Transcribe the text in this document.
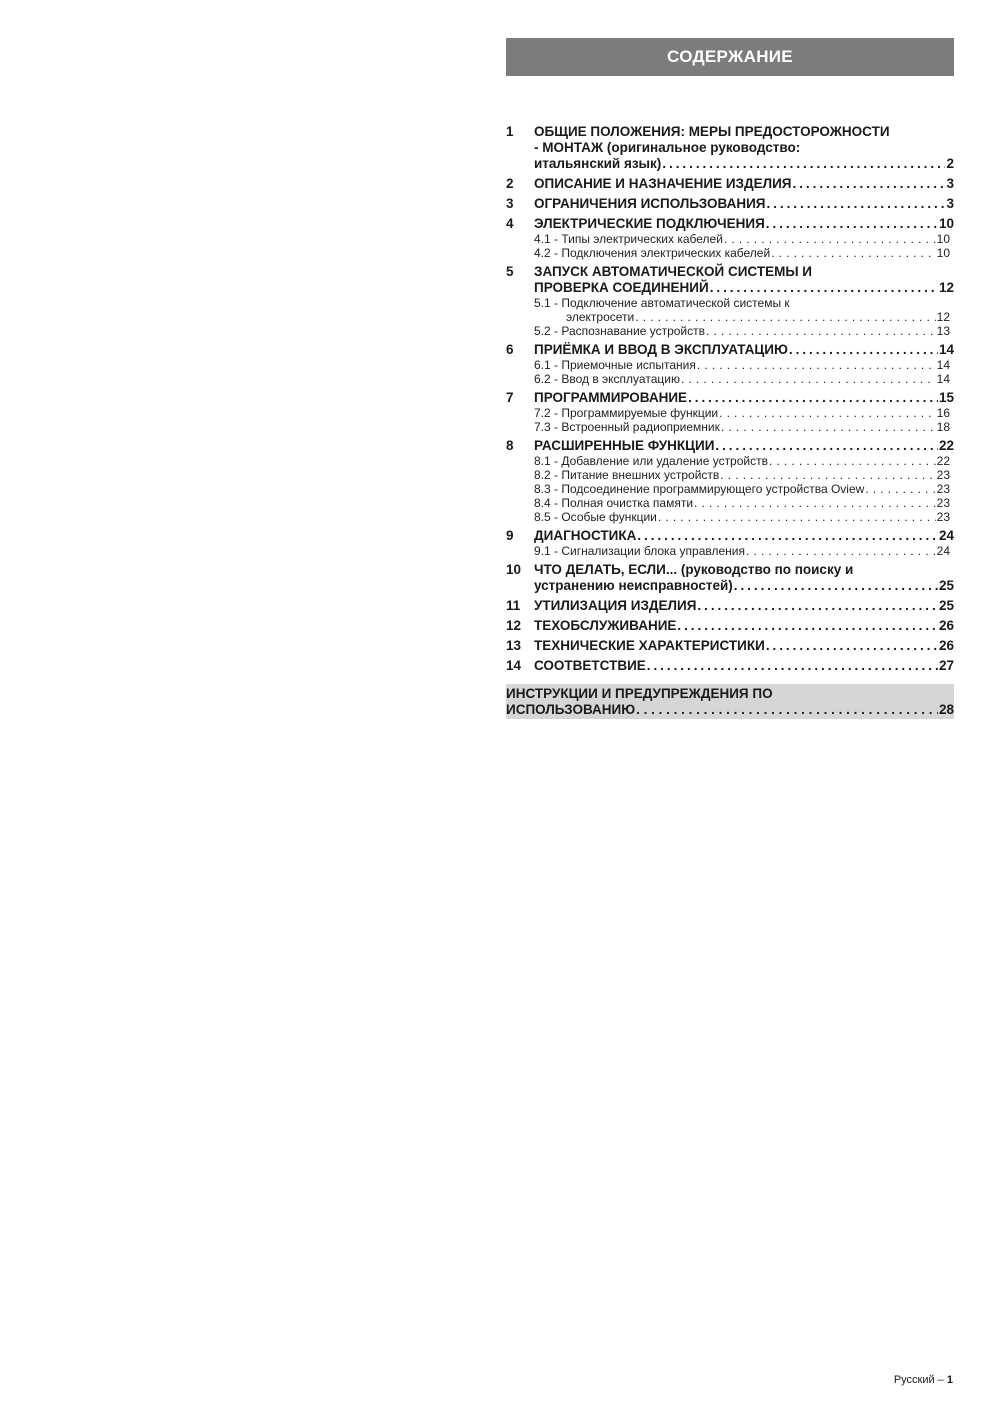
СОДЕРЖАНИЕ
1	ОБЩИЕ ПОЛОЖЕНИЯ: МЕРЫ ПРЕДОСТОРОЖНОСТИ
- МОНТАЖ (оригинальное руководство:
итальянский язык) . . .	2
2	ОПИСАНИЕ И НАЗНАЧЕНИЕ ИЗДЕЛИЯ . . .	3
3	ОГРАНИЧЕНИЯ ИСПОЛЬЗОВАНИЯ . . .	3
4	ЭЛЕКТРИЧЕСКИЕ ПОДКЛЮЧЕНИЯ . . .	10
4.1 - Типы электрических кабелей . . .	10
4.2 - Подключения электрических кабелей . . .	10
5	ЗАПУСК АВТОМАТИЧЕСКОЙ СИСТЕМЫ И
ПРОВЕРКА СОЕДИНЕНИЙ . . .	12
5.1 - Подключение автоматической системы к
электросети . . .	12
5.2 - Распознавание устройств . . .	13
6	ПРИЁМКА И ВВОД В ЭКСПЛУАТАЦИЮ . . .	14
6.1 - Приемочные испытания . . .	14
6.2 - Ввод в эксплуатацию . . .	14
7	ПРОГРАММИРОВАНИЕ . . .	15
7.2 - Программируемые функции . . .	16
7.3 - Встроенный радиоприемник . . .	18
8	РАСШИРЕННЫЕ ФУНКЦИИ . . .	22
8.1 - Добавление или удаление устройств . . .	22
8.2 - Питание внешних устройств . . .	23
8.3 - Подсоединение программирующего устройства Oview . . .	23
8.4 - Полная очистка памяти . . .	23
8.5 - Особые функции . . .	23
9	ДИАГНОСТИКА . . .	24
9.1 - Сигнализации блока управления . . .	24
10 ЧТО ДЕЛАТЬ, ЕСЛИ... (руководство по поиску и
устранению неисправностей) . . .	25
11	УТИЛИЗАЦИЯ ИЗДЕЛИЯ . . .	25
12 ТЕХОБСЛУЖИВАНИЕ . . .	26
13 ТЕХНИЧЕСКИЕ ХАРАКТЕРИСТИКИ . . .	26
14 СООТВЕТСТВИЕ . . .	27
ИНСТРУКЦИИ И ПРЕДУПРЕЖДЕНИЯ ПО
ИСПОЛЬЗОВАНИЮ . . .	28
Русский – 1
